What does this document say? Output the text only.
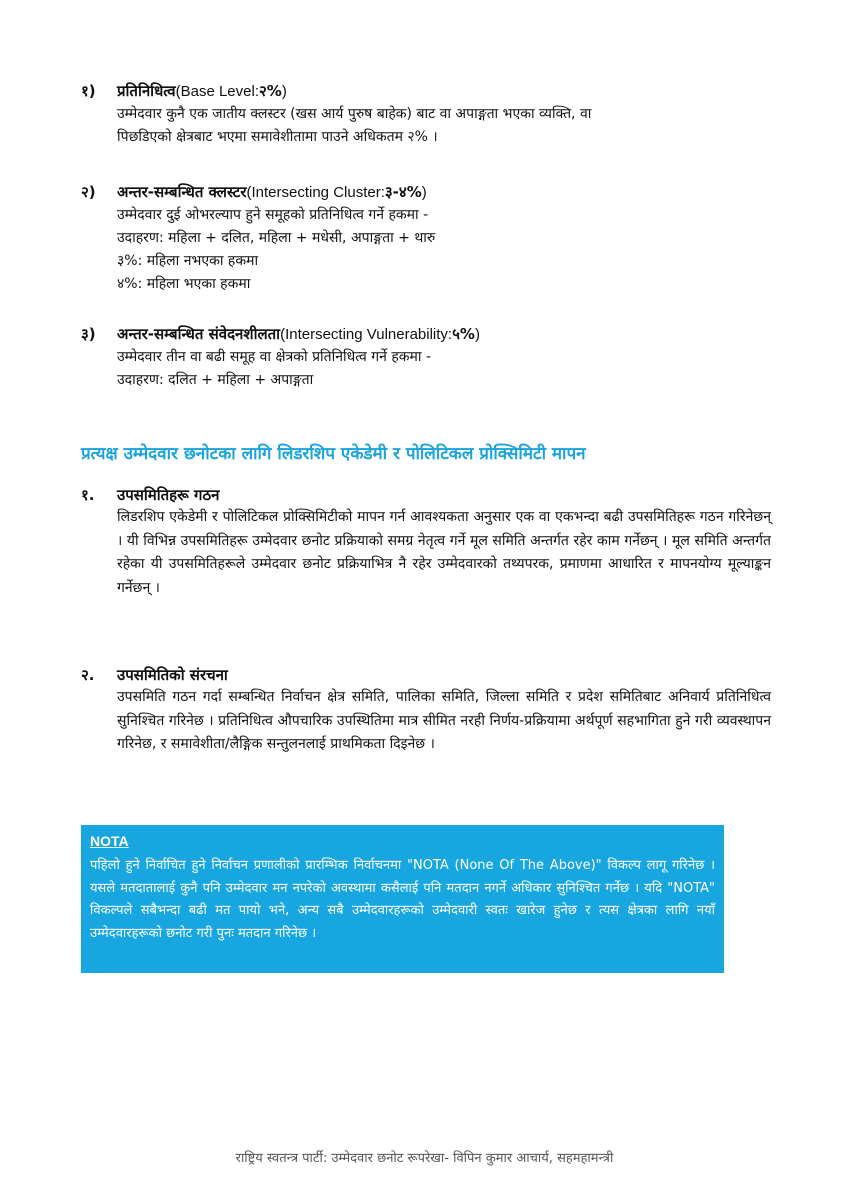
१)	प्रतिनिधित्व (Base Level: २% )
उम्मेदवार कुनै एक जातीय क्लस्टर (खस आर्य पुरुष बाहेक) बाट वा अपाङ्गता भएका व्यक्ति, वा
पिछडिएको क्षेत्रबाट भएमा समावेशीतामा पाउने अधिकतम २% ।
२)	अन्तर-सम्बन्धित क्लस्टर (Intersecting Cluster: ३-४% )
उम्मेदवार दुई ओभरल्याप हुने समूहको प्रतिनिधित्व गर्ने हकमा -
उदाहरण: महिला + दलित, महिला + मधेसी, अपाङ्गता + थारु
३%: महिला नभएका हकमा
४%: महिला भएका हकमा
३)	अन्तर-सम्बन्धित संवेदनशीलता (Intersecting Vulnerability: ५% )
उम्मेदवार तीन वा बढी समूह वा क्षेत्रको प्रतिनिधित्व गर्ने हकमा -
उदाहरण: दलित + महिला + अपाङ्गता
प्रत्यक्ष उम्मेदवार छनोटका लागि लिडरशिप एकेडेमी र पोलिटिकल प्रोक्सिमिटी मापन
१.	उपसमितिहरू गठन
लिडरशिप एकेडेमी र पोलिटिकल प्रोक्सिमिटीको मापन गर्न आवश्यकता अनुसार एक वा एकभन्दा बढी उपसमितिहरू गठन गरिनेछन् । यी विभिन्न उपसमितिहरू उम्मेदवार छनोट प्रक्रियाको समग्र नेतृत्व गर्ने मूल समिति अन्तर्गत रहेर काम गर्नेछन् । मूल समिति अन्तर्गत रहेका यी उपसमितिहरूले उम्मेदवार छनोट प्रक्रियाभित्र नै रहेर उम्मेदवारको तथ्यपरक, प्रमाणमा आधारित र मापनयोग्य मूल्याङ्कन गर्नेछन् ।
२.	उपसमितिको संरचना
उपसमिति गठन गर्दा सम्बन्धित निर्वाचन क्षेत्र समिति, पालिका समिति, जिल्ला समिति र प्रदेश समितिबाट अनिवार्य प्रतिनिधित्व सुनिश्चित गरिनेछ । प्रतिनिधित्व औपचारिक उपस्थितिमा मात्र सीमित नरही निर्णय-प्रक्रियामा अर्थपूर्ण सहभागिता हुने गरी व्यवस्थापन गरिनेछ, र समावेशीता/लैङ्गिक सन्तुलनलाई प्राथमिकता दिइनेछ ।
NOTA
पहिलो हुने निर्वाचित हुने निर्वाचन प्रणालीको प्रारम्भिक निर्वाचनमा "NOTA (None Of The Above)" विकल्प लागू गरिनेछ । यसले मतदातालाई कुनै पनि उम्मेदवार मन नपरेको अवस्थामा कसैलाई पनि मतदान नगर्ने अधिकार सुनिश्चित गर्नेछ । यदि "NOTA" विकल्पले सबैभन्दा बढी मत पायो भने, अन्य सबै उम्मेदवारहरूको उम्मेदवारी स्वतः खारेज हुनेछ र त्यस क्षेत्रका लागि नयाँ उम्मेदवारहरूको छनोट गरी पुनः मतदान गरिनेछ ।
राष्ट्रिय स्वतन्त्र पार्टी: उम्मेदवार छनोट रूपरेखा- विपिन कुमार आचार्य, सहमहामन्त्री
